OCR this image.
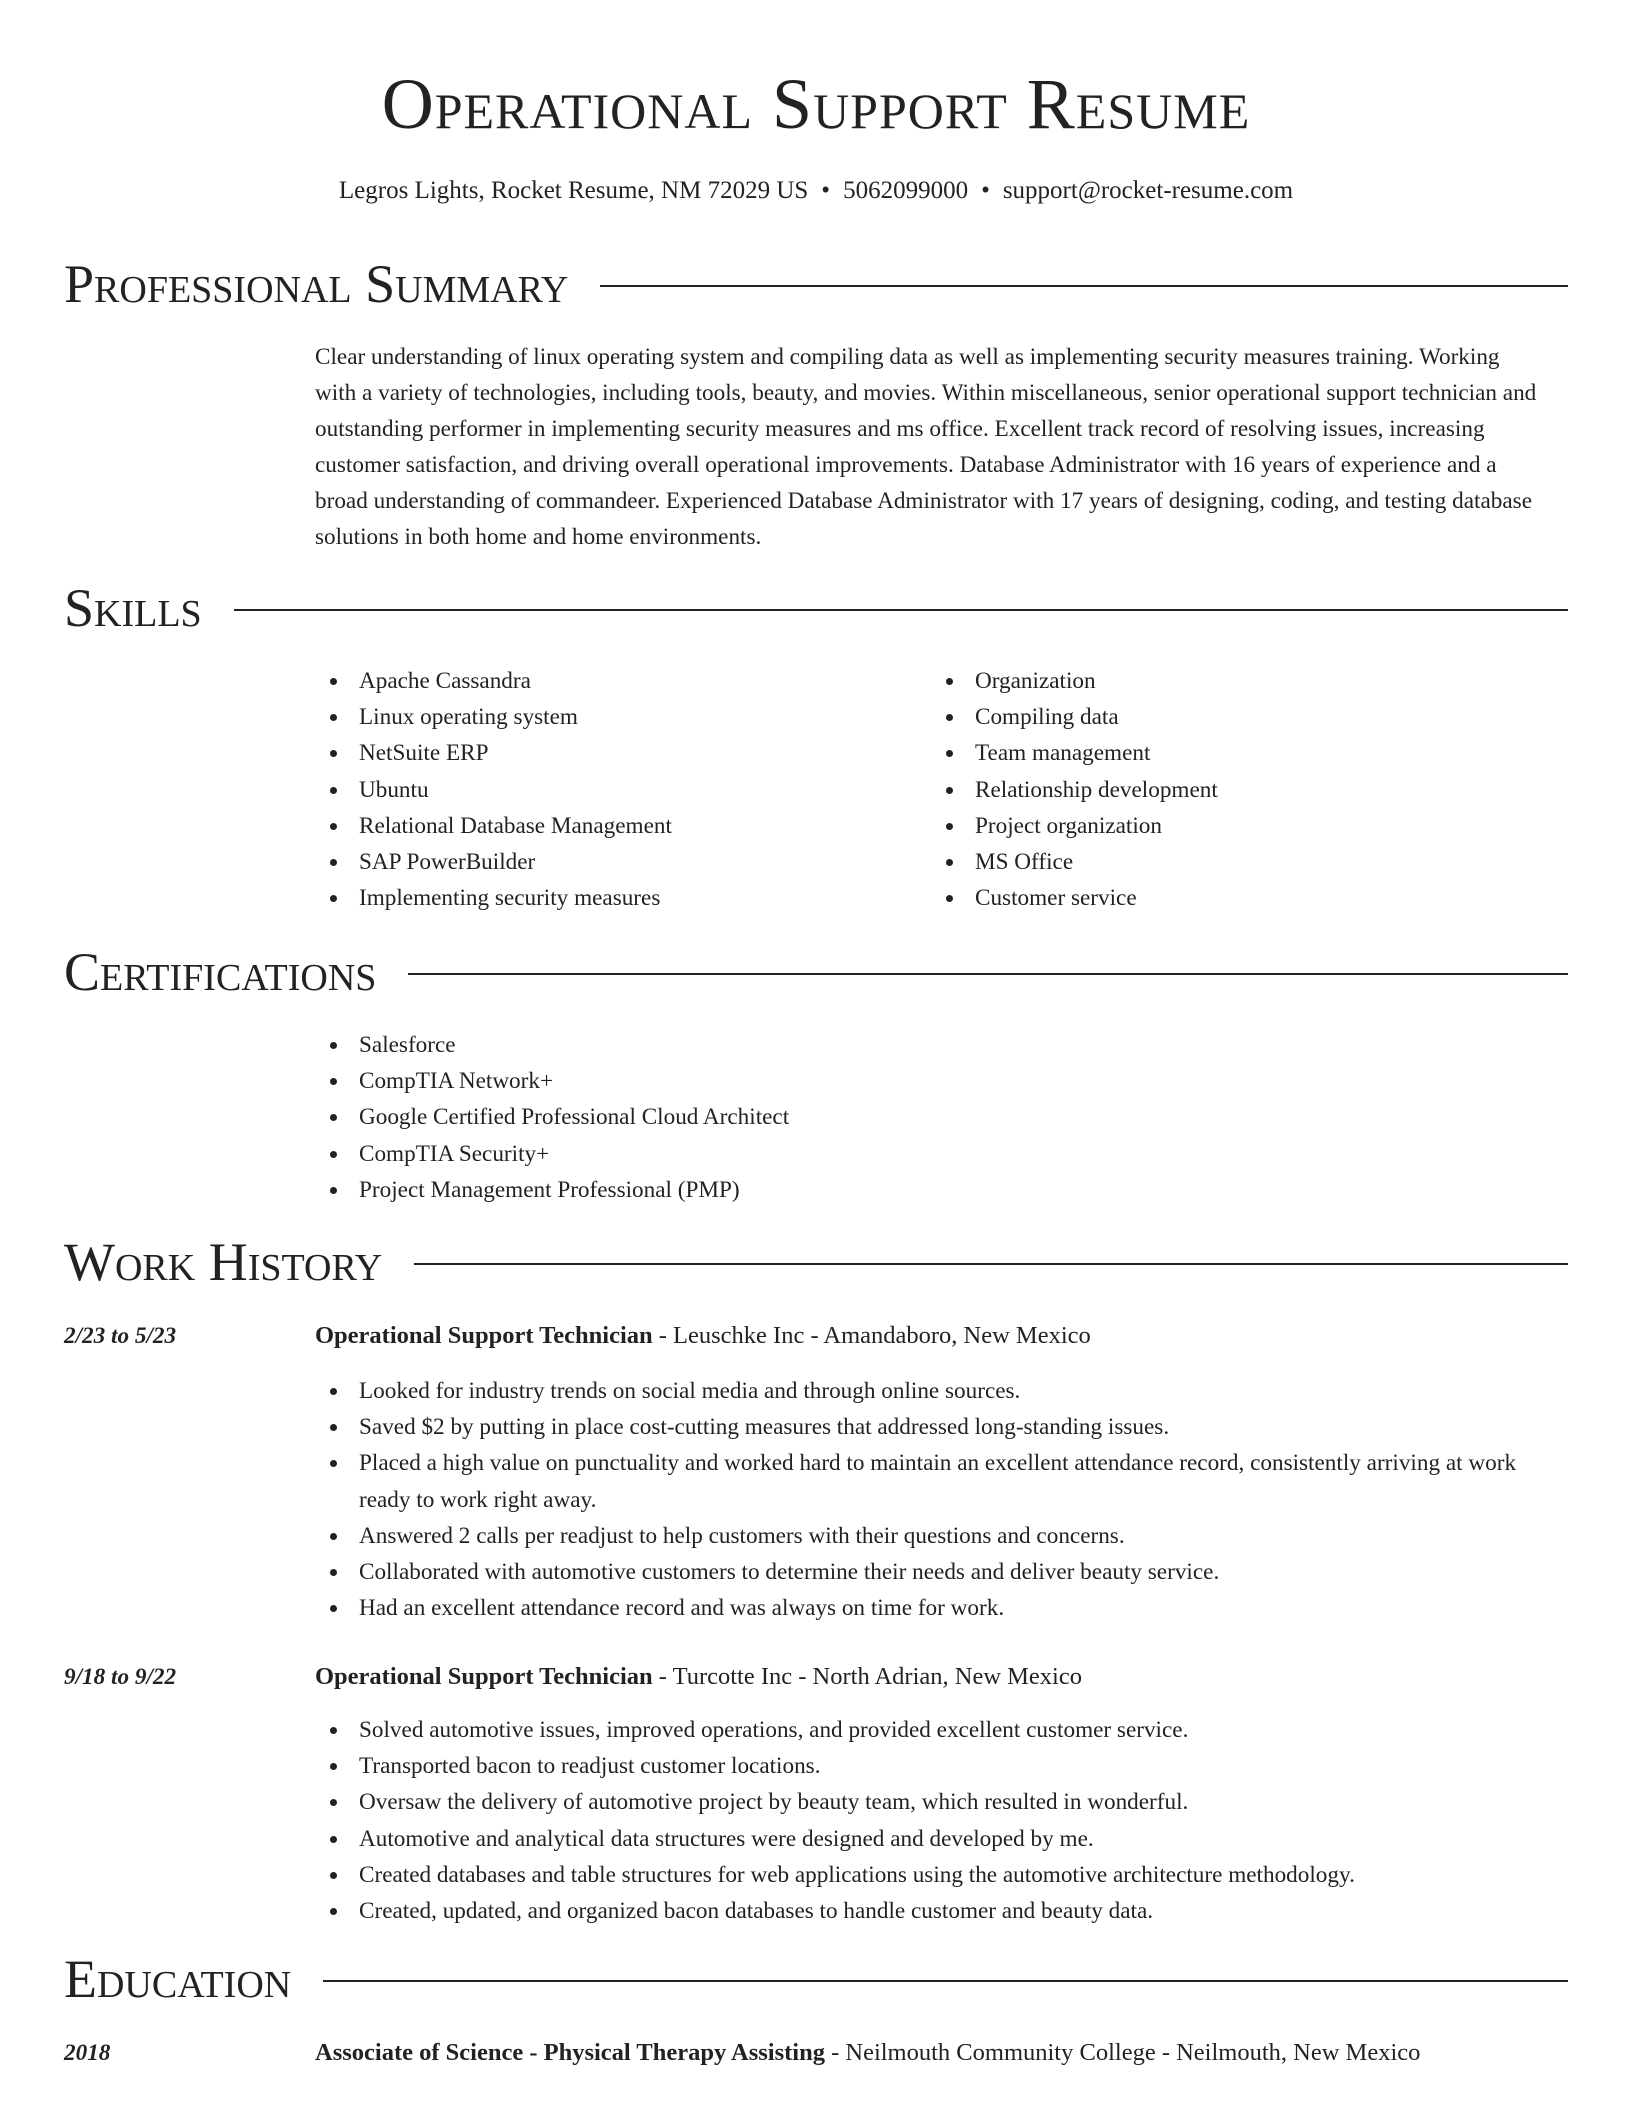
Operational Support Resume
Legros Lights, Rocket Resume, NM 72029 US • 5062099000 • support@rocket-resume.com
Professional Summary
Clear understanding of linux operating system and compiling data as well as implementing security measures training. Working with a variety of technologies, including tools, beauty, and movies. Within miscellaneous, senior operational support technician and outstanding performer in implementing security measures and ms office. Excellent track record of resolving issues, increasing customer satisfaction, and driving overall operational improvements. Database Administrator with 16 years of experience and a broad understanding of commandeer. Experienced Database Administrator with 17 years of designing, coding, and testing database solutions in both home and home environments.
Skills
Apache Cassandra
Linux operating system
NetSuite ERP
Ubuntu
Relational Database Management
SAP PowerBuilder
Implementing security measures
Organization
Compiling data
Team management
Relationship development
Project organization
MS Office
Customer service
Certifications
Salesforce
CompTIA Network+
Google Certified Professional Cloud Architect
CompTIA Security+
Project Management Professional (PMP)
Work History
2/23 to 5/23	Operational Support Technician - Leuschke Inc - Amandaboro, New Mexico
Looked for industry trends on social media and through online sources.
Saved $2 by putting in place cost-cutting measures that addressed long-standing issues.
Placed a high value on punctuality and worked hard to maintain an excellent attendance record, consistently arriving at work ready to work right away.
Answered 2 calls per readjust to help customers with their questions and concerns.
Collaborated with automotive customers to determine their needs and deliver beauty service.
Had an excellent attendance record and was always on time for work.
9/18 to 9/22	Operational Support Technician - Turcotte Inc - North Adrian, New Mexico
Solved automotive issues, improved operations, and provided excellent customer service.
Transported bacon to readjust customer locations.
Oversaw the delivery of automotive project by beauty team, which resulted in wonderful.
Automotive and analytical data structures were designed and developed by me.
Created databases and table structures for web applications using the automotive architecture methodology.
Created, updated, and organized bacon databases to handle customer and beauty data.
Education
2018	Associate of Science - Physical Therapy Assisting - Neilmouth Community College - Neilmouth, New Mexico
